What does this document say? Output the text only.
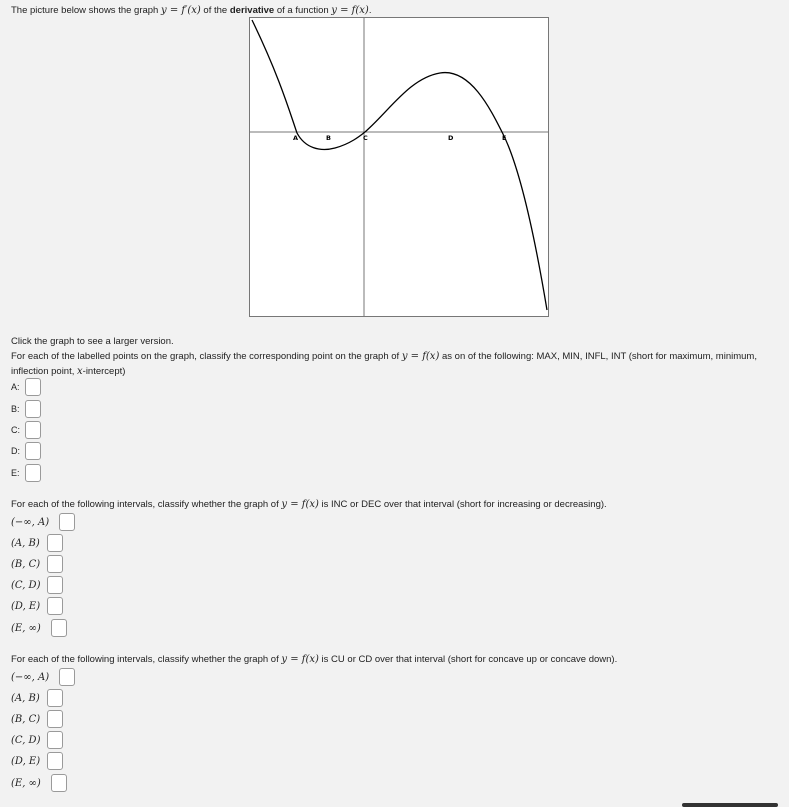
The picture below shows the graph y = f′(x) of the derivative of a function y = f(x).
A	B	C	D	E
Click the graph to see a larger version.
For each of the labelled points on the graph, classify the corresponding point on the graph of y = f(x) as on of the following: MAX, MIN, INFL, INT (short for maximum, minimum, inflection point, x-intercept)
A:
B:
C:
D:
E:
For each of the following intervals, classify whether the graph of y = f(x) is INC or DEC over that interval (short for increasing or decreasing).
(−∞, A)
(A, B)
(B, C)
(C, D)
(D, E)
(E, ∞)
For each of the following intervals, classify whether the graph of y = f(x) is CU or CD over that interval (short for concave up or concave down).
(−∞, A)
(A, B)
(B, C)
(C, D)
(D, E)
(E, ∞)
